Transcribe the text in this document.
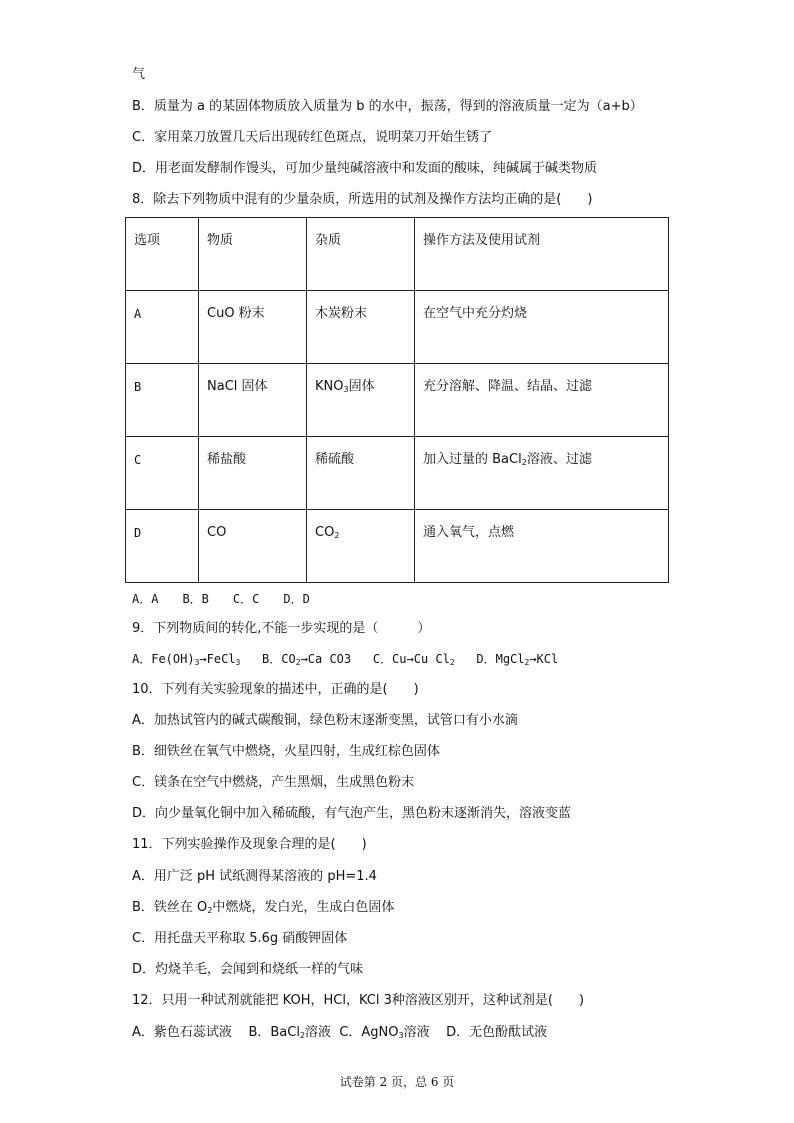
气
B．质量为 a 的某固体物质放入质量为 b 的水中，振荡，得到的溶液质量一定为（a+b）
C．家用菜刀放置几天后出现砖红色斑点，说明菜刀开始生锈了
D．用老面发酵制作馒头，可加少量纯碱溶液中和发面的酸味，纯碱属于碱类物质
8．除去下列物质中混有的少量杂质，所选用的试剂及操作方法均正确的是(　　)
选项	物质	杂质	操作方法及使用试剂
A	CuO 粉末	木炭粉末	在空气中充分灼烧
B	NaCl 固体	$KNO_3$固体	充分溶解、降温、结晶、过滤
C	稀盐酸	稀硫酸	加入过量的 BaCl$_2$溶液、过滤
D	CO	$CO_2$	通入氧气，点燃
A．A　　B．B　　C．C　　D．D
9．下列物质间的转化,不能一步实现的是（　　　）
A．$Fe(OH)_3\to FeCl_3$ B．$CO_2\to Ca$ CO3 C．Cu→Cu $Cl_2$ D．MgCl$_2$→KCl
10．下列有关实验现象的描述中，正确的是(　　)
A．加热试管内的碱式碳酸铜，绿色粉末逐渐变黑，试管口有小水滴
B．细铁丝在氧气中燃烧，火星四射，生成红棕色固体
C．镁条在空气中燃烧，产生黑烟，生成黑色粉末
D．向少量氧化铜中加入稀硫酸，有气泡产生，黑色粉末逐渐消失，溶液变蓝
11．下列实验操作及现象合理的是(　　)
A．用广泛 pH 试纸测得某溶液的 pH=1.4
B．铁丝在 $O_2$中燃烧，发白光，生成白色固体
C．用托盘天平称取 5.6g 硝酸钾固体
D．灼烧羊毛，会闻到和烧纸一样的气味
12．只用一种试剂就能把 KOH，HCl，KCl 3种溶液区别开，这种试剂是(　　)
A．紫色石蕊试液 B．BaCl$_2$溶液 C．AgNO$_3$溶液 D．无色酚酞试液
试卷第 2 页，总 6 页
